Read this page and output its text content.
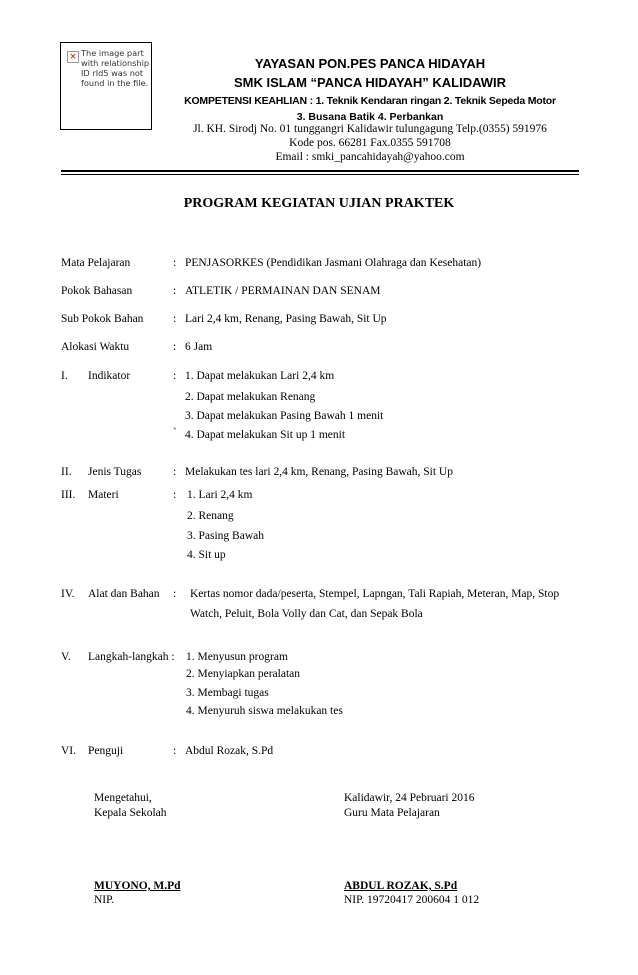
× The image part with relationship ID rId5 was not found in the file.
YAYASAN PON.PES PANCA HIDAYAH
SMK ISLAM “PANCA HIDAYAH” KALIDAWIR
KOMPETENSI KEAHLIAN : 1. Teknik Kendaran ringan 2. Teknik Sepeda Motor
3. Busana Batik 4. Perbankan
Jl. KH. Sirodj No. 01 tunggangri Kalidawir tulungagung Telp.(0355) 591976
Kode pos. 66281 Fax.0355 591708
Email : smki_pancahidayah@yahoo.com
PROGRAM KEGIATAN UJIAN PRAKTEK
Mata Pelajaran	: PENJASORKES (Pendidikan Jasmani Olahraga dan Kesehatan)
Pokok Bahasan	: ATLETIK / PERMAINAN DAN SENAM
Sub Pokok Bahan	: Lari 2,4 km, Renang, Pasing Bawah, Sit Up
Alokasi Waktu	: 6 Jam
I. Indikator	: 1. Dapat melakukan Lari 2,4 km
2. Dapat melakukan Renang
3. Dapat melakukan Pasing Bawah 1 menit
` 4. Dapat melakukan Sit up 1 menit
II. Jenis Tugas	: Melakukan tes lari 2,4 km, Renang, Pasing Bawah, Sit Up
III. Materi	: 1. Lari 2,4 km
2. Renang
3. Pasing Bawah
4. Sit up
IV. Alat dan Bahan : Kertas nomor dada/peserta, Stempel, Lapngan, Tali Rapiah, Meteran, Map, Stop
Watch, Peluit, Bola Volly dan Cat, dan Sepak Bola
V. Langkah-langkah : 1. Menyusun program
2. Menyiapkan peralatan
3. Membagi tugas
4. Menyuruh siswa melakukan tes
VI. Penguji	: Abdul Rozak, S.Pd
Mengetahui,
Kepala Sekolah
Kalidawir, 24 Pebruari 2016
Guru Mata Pelajaran
MUYONO, M.Pd
NIP.
ABDUL ROZAK, S.Pd
NIP. 19720417 200604 1 012
